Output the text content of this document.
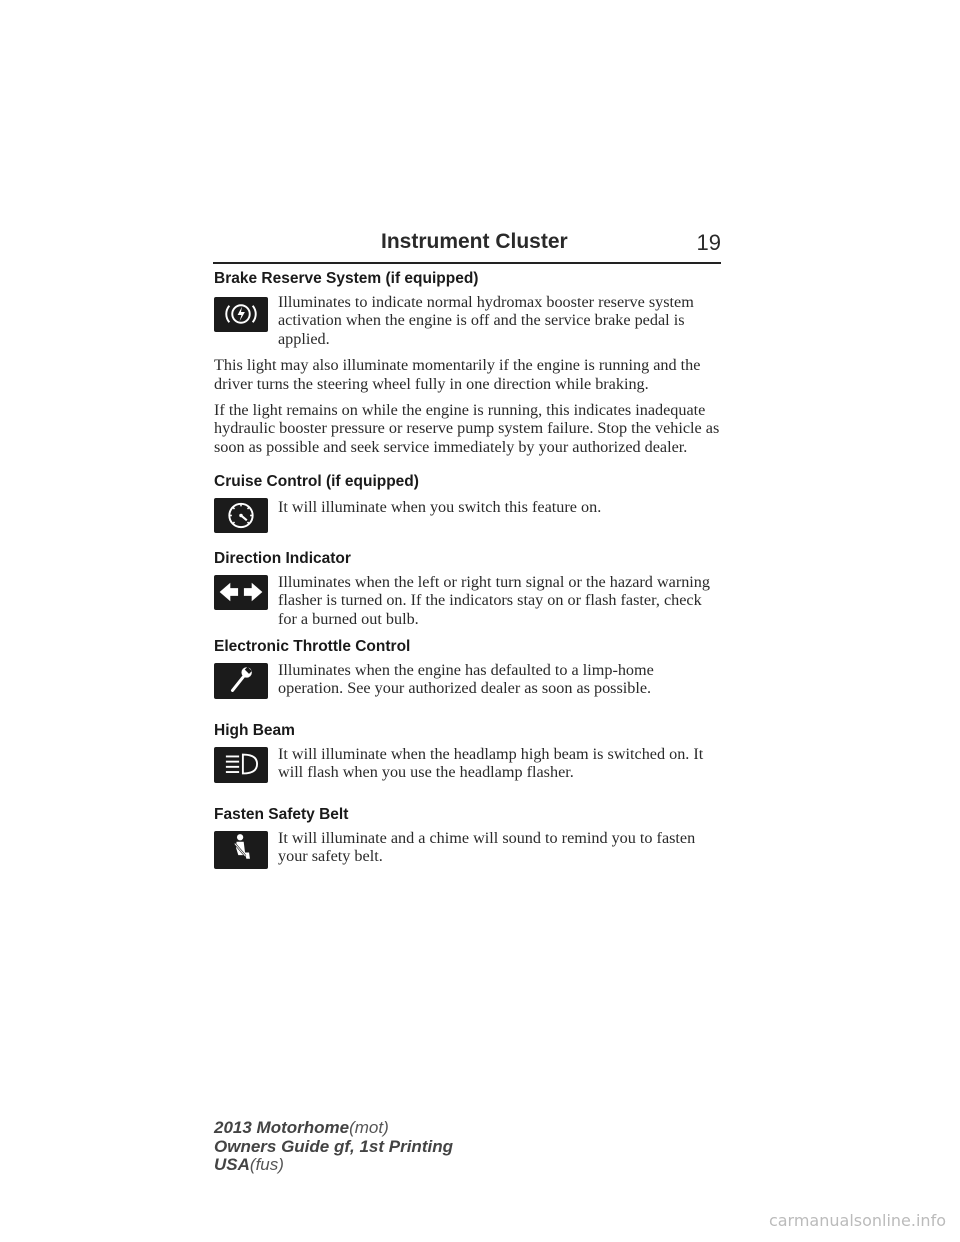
Instrument Cluster	19
Brake Reserve System (if equipped)
Illuminates to indicate normal hydromax booster reserve system activation when the engine is off and the service brake pedal is applied.
This light may also illuminate momentarily if the engine is running and the driver turns the steering wheel fully in one direction while braking.
If the light remains on while the engine is running, this indicates inadequate hydraulic booster pressure or reserve pump system failure. Stop the vehicle as soon as possible and seek service immediately by your authorized dealer.
Cruise Control (if equipped)
It will illuminate when you switch this feature on.
Direction Indicator
Illuminates when the left or right turn signal or the hazard warning flasher is turned on. If the indicators stay on or flash faster, check for a burned out bulb.
Electronic Throttle Control
Illuminates when the engine has defaulted to a limp-home operation. See your authorized dealer as soon as possible.
High Beam
It will illuminate when the headlamp high beam is switched on. It will flash when you use the headlamp flasher.
Fasten Safety Belt
It will illuminate and a chime will sound to remind you to fasten your safety belt.
2013 Motorhome(mot)
Owners Guide gf, 1st Printing
USA(fus)
carmanualsonline.info
